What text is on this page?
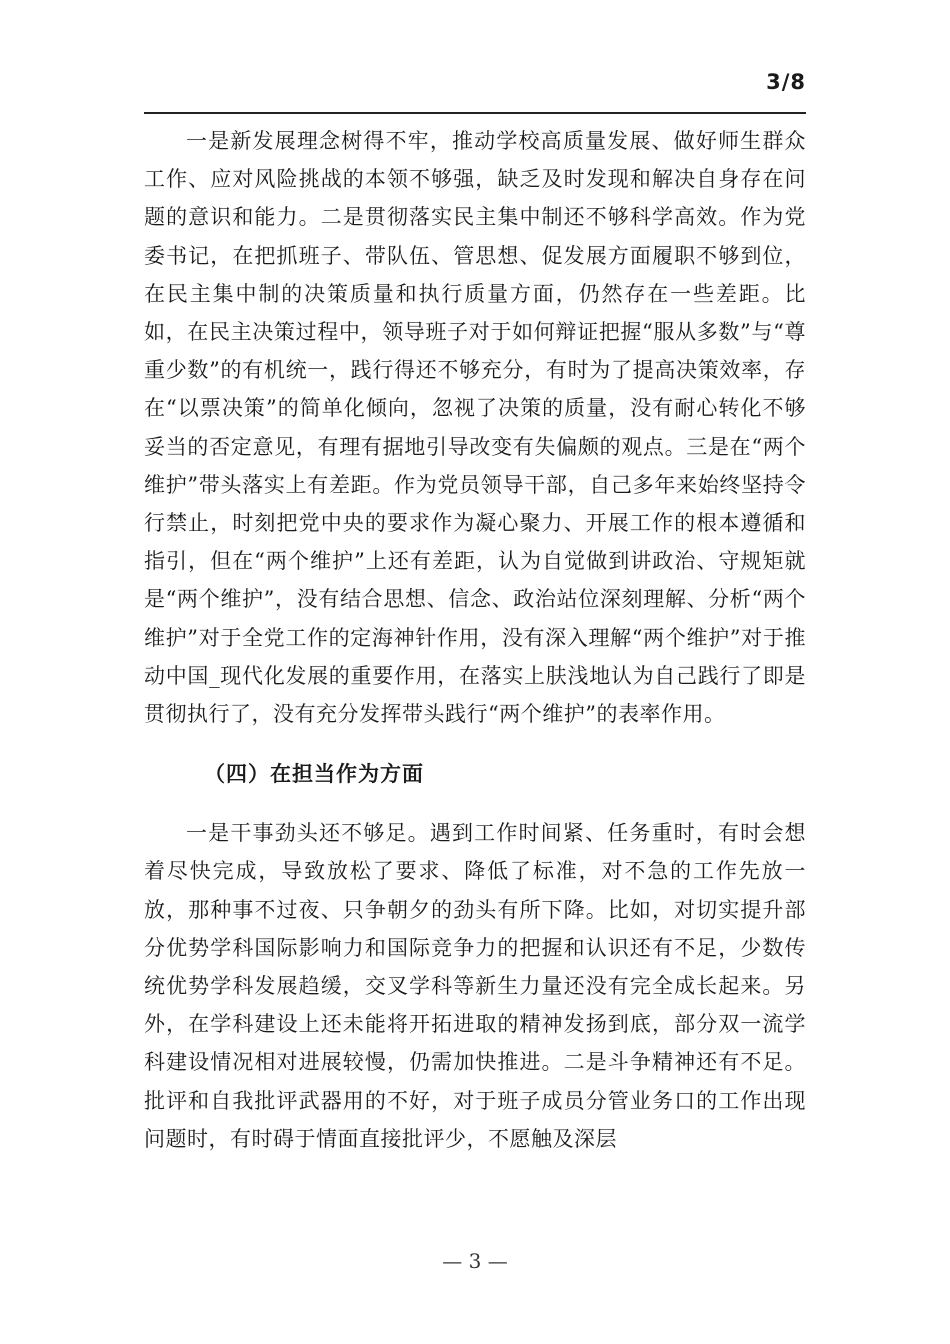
3/8

一是新发展理念树得不牢，推动学校高质量发展、做好师生群众工作、应对风险挑战的本领不够强，缺乏及时发现和解决自身存在问题的意识和能力。二是贯彻落实民主集中制还不够科学高效。作为党委书记，在把抓班子、带队伍、管思想、促发展方面履职不够到位，在民主集中制的决策质量和执行质量方面，仍然存在一些差距。比如，在民主决策过程中，领导班子对于如何辩证把握“服从多数”与“尊重少数”的有机统一，践行得还不够充分，有时为了提高决策效率，存在“以票决策”的简单化倾向，忽视了决策的质量，没有耐心转化不够妥当的否定意见，有理有据地引导改变有失偏颇的观点。三是在“两个维护”带头落实上有差距。作为党员领导干部，自己多年来始终坚持令行禁止，时刻把党中央的要求作为凝心聚力、开展工作的根本遵循和指引，但在“两个维护”上还有差距，认为自觉做到讲政治、守规矩就是“两个维护”，没有结合思想、信念、政治站位深刻理解、分析“两个维护”对于全党工作的定海神针作用，没有深入理解“两个维护”对于推动中国_现代化发展的重要作用，在落实上肤浅地认为自己践行了即是贯彻执行了，没有充分发挥带头践行“两个维护”的表率作用。

（四）在担当作为方面

一是干事劲头还不够足。遇到工作时间紧、任务重时，有时会想着尽快完成，导致放松了要求、降低了标准，对不急的工作先放一放，那种事不过夜、只争朝夕的劲头有所下降。比如，对切实提升部分优势学科国际影响力和国际竞争力的把握和认识还有不足，少数传统优势学科发展趋缓，交叉学科等新生力量还没有完全成长起来。另外，在学科建设上还未能将开拓进取的精神发扬到底，部分双一流学科建设情况相对进展较慢，仍需加快推进。二是斗争精神还有不足。批评和自我批评武器用的不好，对于班子成员分管业务口的工作出现问题时，有时碍于情面直接批评少，不愿触及深层

— 3 —
